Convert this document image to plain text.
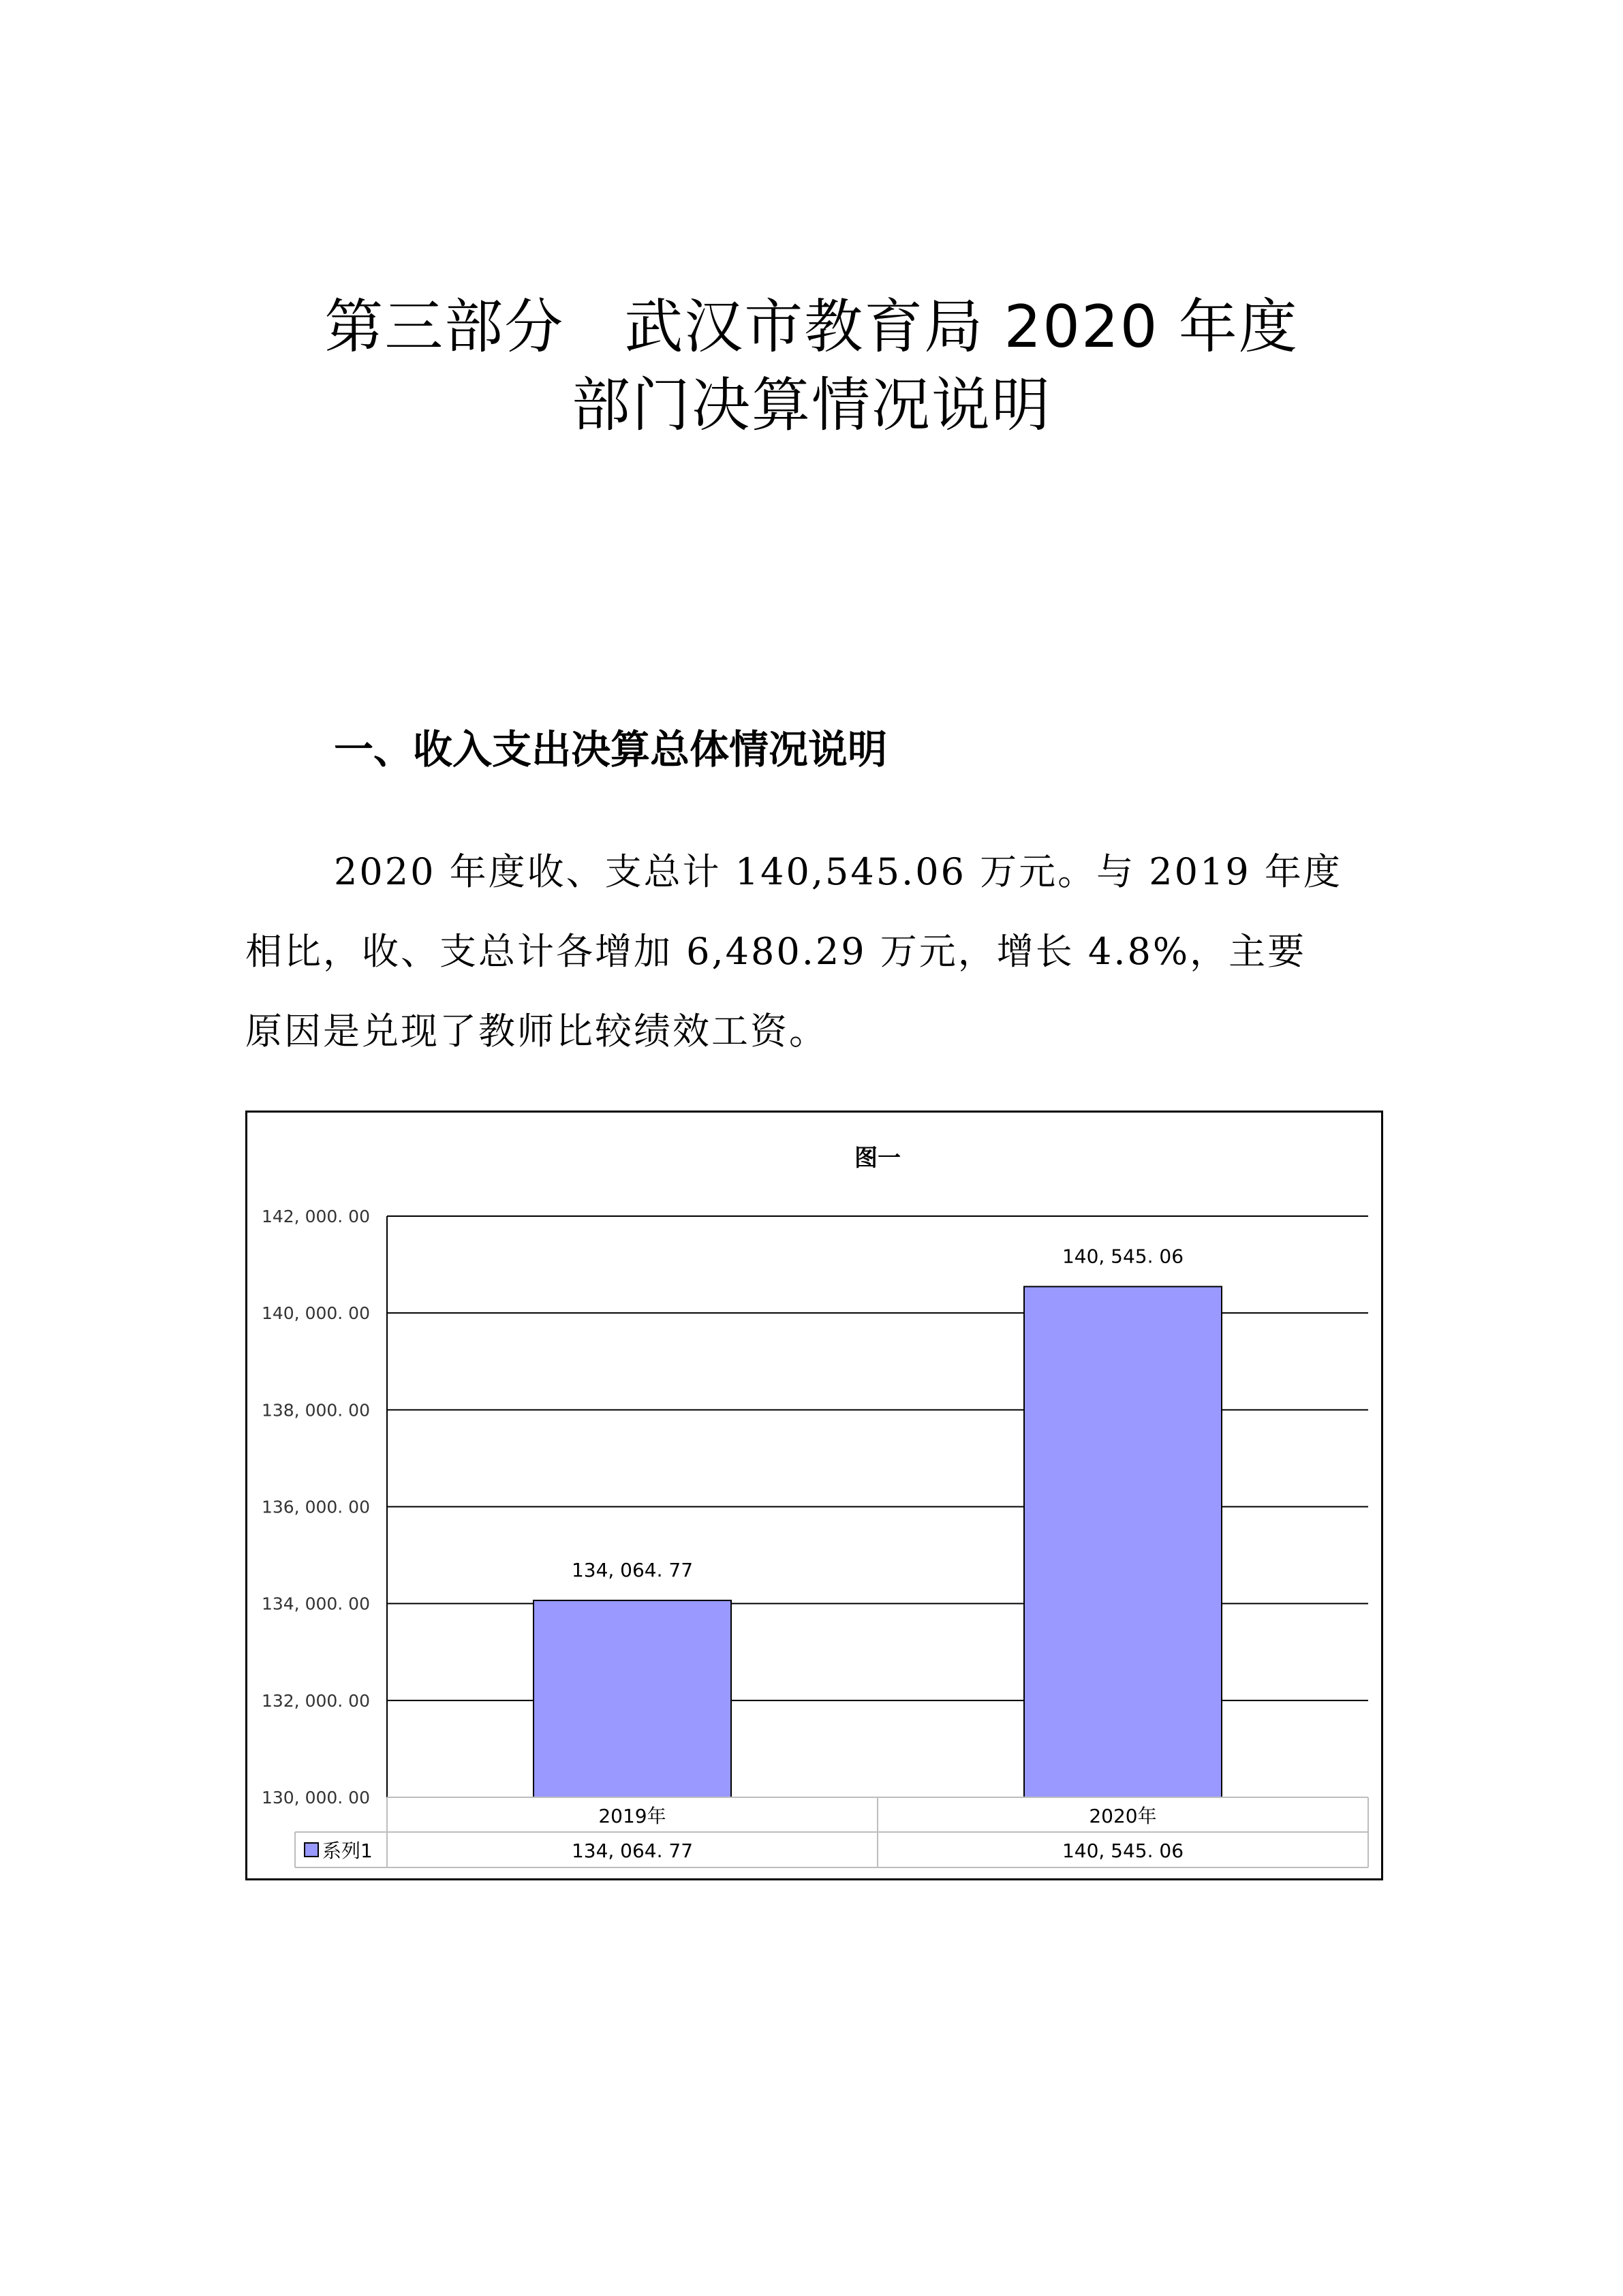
第三部分　武汉市教育局 2020 年度
部门决算情况说明
一、收入支出决算总体情况说明
2020 年度收、支总计 140,545.06 万元。与 2019 年度
相比，收、支总计各增加 6,480.29 万元，增长 4.8%，主要
原因是兑现了教师比较绩效工资。
图一
130, 000. 00
132, 000. 00
134, 000. 00
136, 000. 00
138, 000. 00
140, 000. 00
142, 000. 00
134, 064. 77
140, 545. 06
2019年
134, 064. 77
2020年
140, 545. 06
系列1
